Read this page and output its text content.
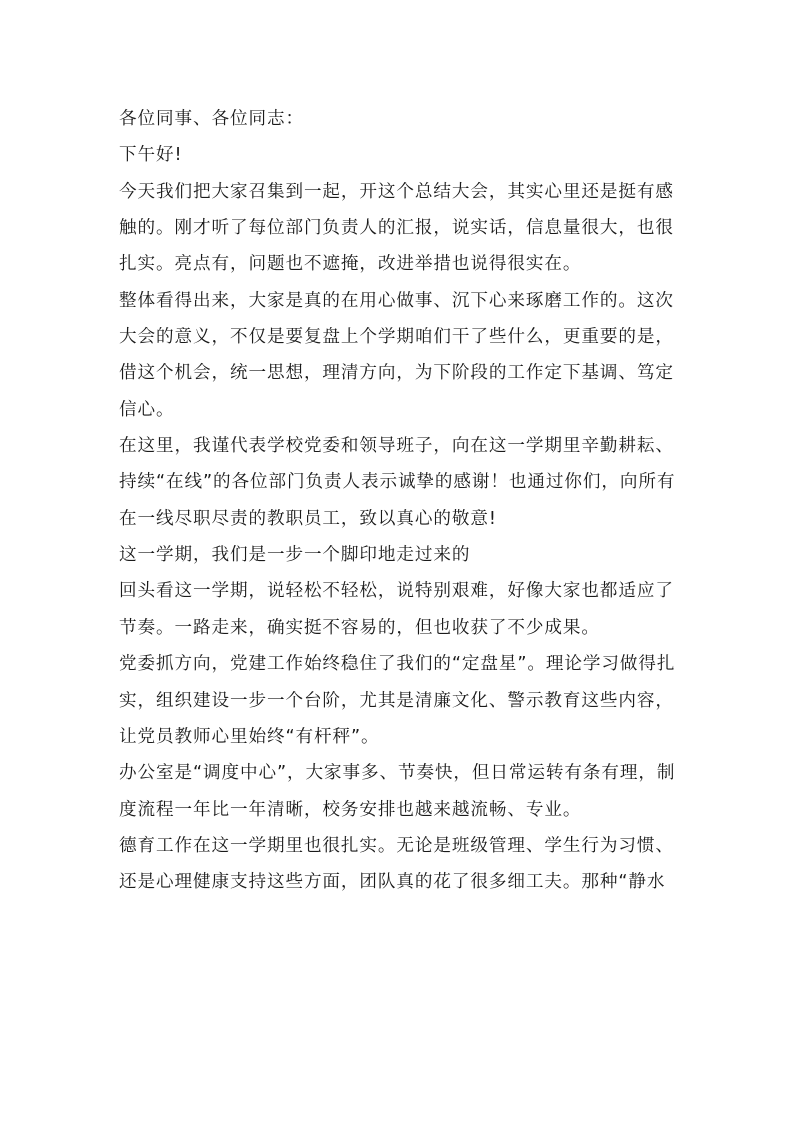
各位同事、各位同志：
下午好!
今天我们把大家召集到一起，开这个总结大会，其实心里还是挺有感
触的。刚才听了每位部门负责人的汇报，说实话，信息量很大，也很
扎实。亮点有，问题也不遮掩，改进举措也说得很实在。
整体看得出来，大家是真的在用心做事、沉下心来琢磨工作的。这次
大会的意义，不仅是要复盘上个学期咱们干了些什么，更重要的是，
借这个机会，统一思想，理清方向，为下阶段的工作定下基调、笃定
信心。
在这里，我谨代表学校党委和领导班子，向在这一学期里辛勤耕耘、
持续“在线”的各位部门负责人表示诚挚的感谢！也通过你们，向所有
在一线尽职尽责的教职员工，致以真心的敬意!
这一学期，我们是一步一个脚印地走过来的
回头看这一学期，说轻松不轻松，说特别艰难，好像大家也都适应了
节奏。一路走来，确实挺不容易的，但也收获了不少成果。
党委抓方向，党建工作始终稳住了我们的“定盘星”。理论学习做得扎
实，组织建设一步一个台阶，尤其是清廉文化、警示教育这些内容，
让党员教师心里始终“有杆秤”。
办公室是“调度中心”，大家事多、节奏快，但日常运转有条有理，制
度流程一年比一年清晰，校务安排也越来越流畅、专业。
德育工作在这一学期里也很扎实。无论是班级管理、学生行为习惯、
还是心理健康支持这些方面，团队真的花了很多细工夫。那种“静水
